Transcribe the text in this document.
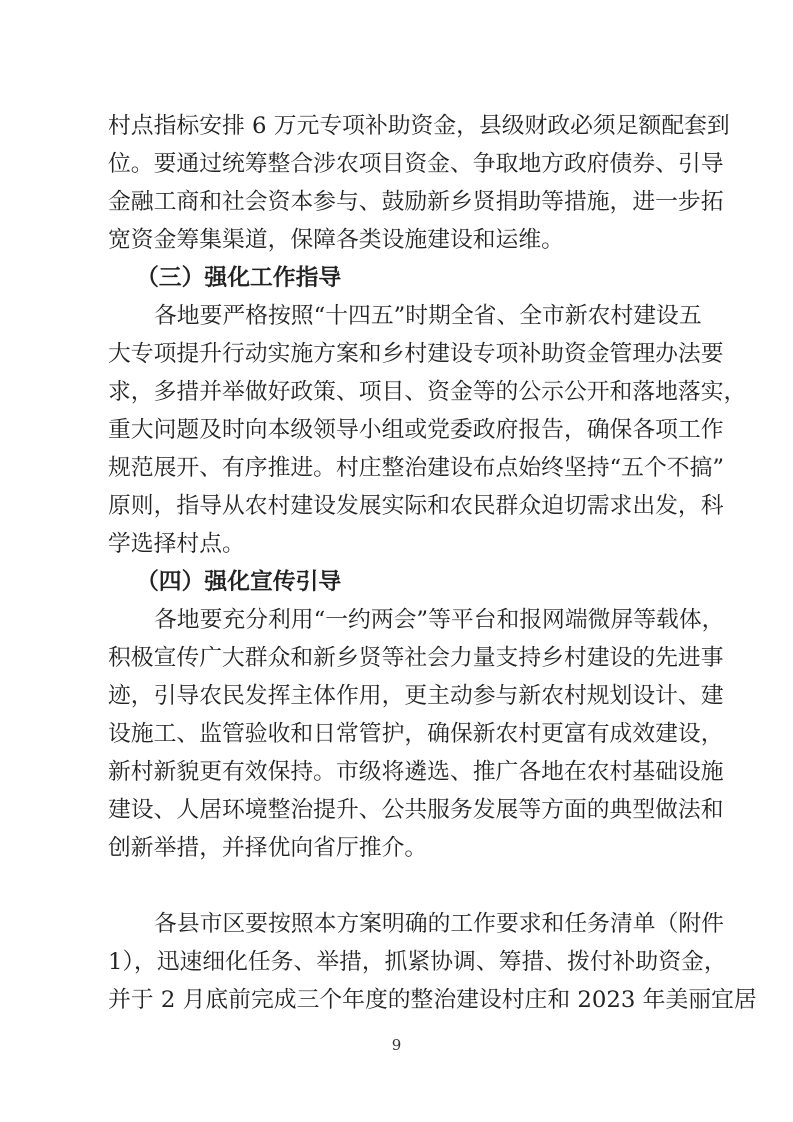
村点指标安排 6 万元专项补助资金，县级财政必须足额配套到
位。要通过统筹整合涉农项目资金、争取地方政府债券、引导
金融工商和社会资本参与、鼓励新乡贤捐助等措施，进一步拓
宽资金筹集渠道，保障各类设施建设和运维。
（三）强化工作指导
各地要严格按照“十四五”时期全省、全市新农村建设五
大专项提升行动实施方案和乡村建设专项补助资金管理办法要
求，多措并举做好政策、项目、资金等的公示公开和落地落实，
重大问题及时向本级领导小组或党委政府报告，确保各项工作
规范展开、有序推进。村庄整治建设布点始终坚持“五个不搞”
原则，指导从农村建设发展实际和农民群众迫切需求出发，科
学选择村点。
（四）强化宣传引导
各地要充分利用“一约两会”等平台和报网端微屏等载体，
积极宣传广大群众和新乡贤等社会力量支持乡村建设的先进事
迹，引导农民发挥主体作用，更主动参与新农村规划设计、建
设施工、监管验收和日常管护，确保新农村更富有成效建设，
新村新貌更有效保持。市级将遴选、推广各地在农村基础设施
建设、人居环境整治提升、公共服务发展等方面的典型做法和
创新举措，并择优向省厅推介。
各县市区要按照本方案明确的工作要求和任务清单（附件
1），迅速细化任务、举措，抓紧协调、筹措、拨付补助资金，
并于 2 月底前完成三个年度的整治建设村庄和 2023 年美丽宜居
9
